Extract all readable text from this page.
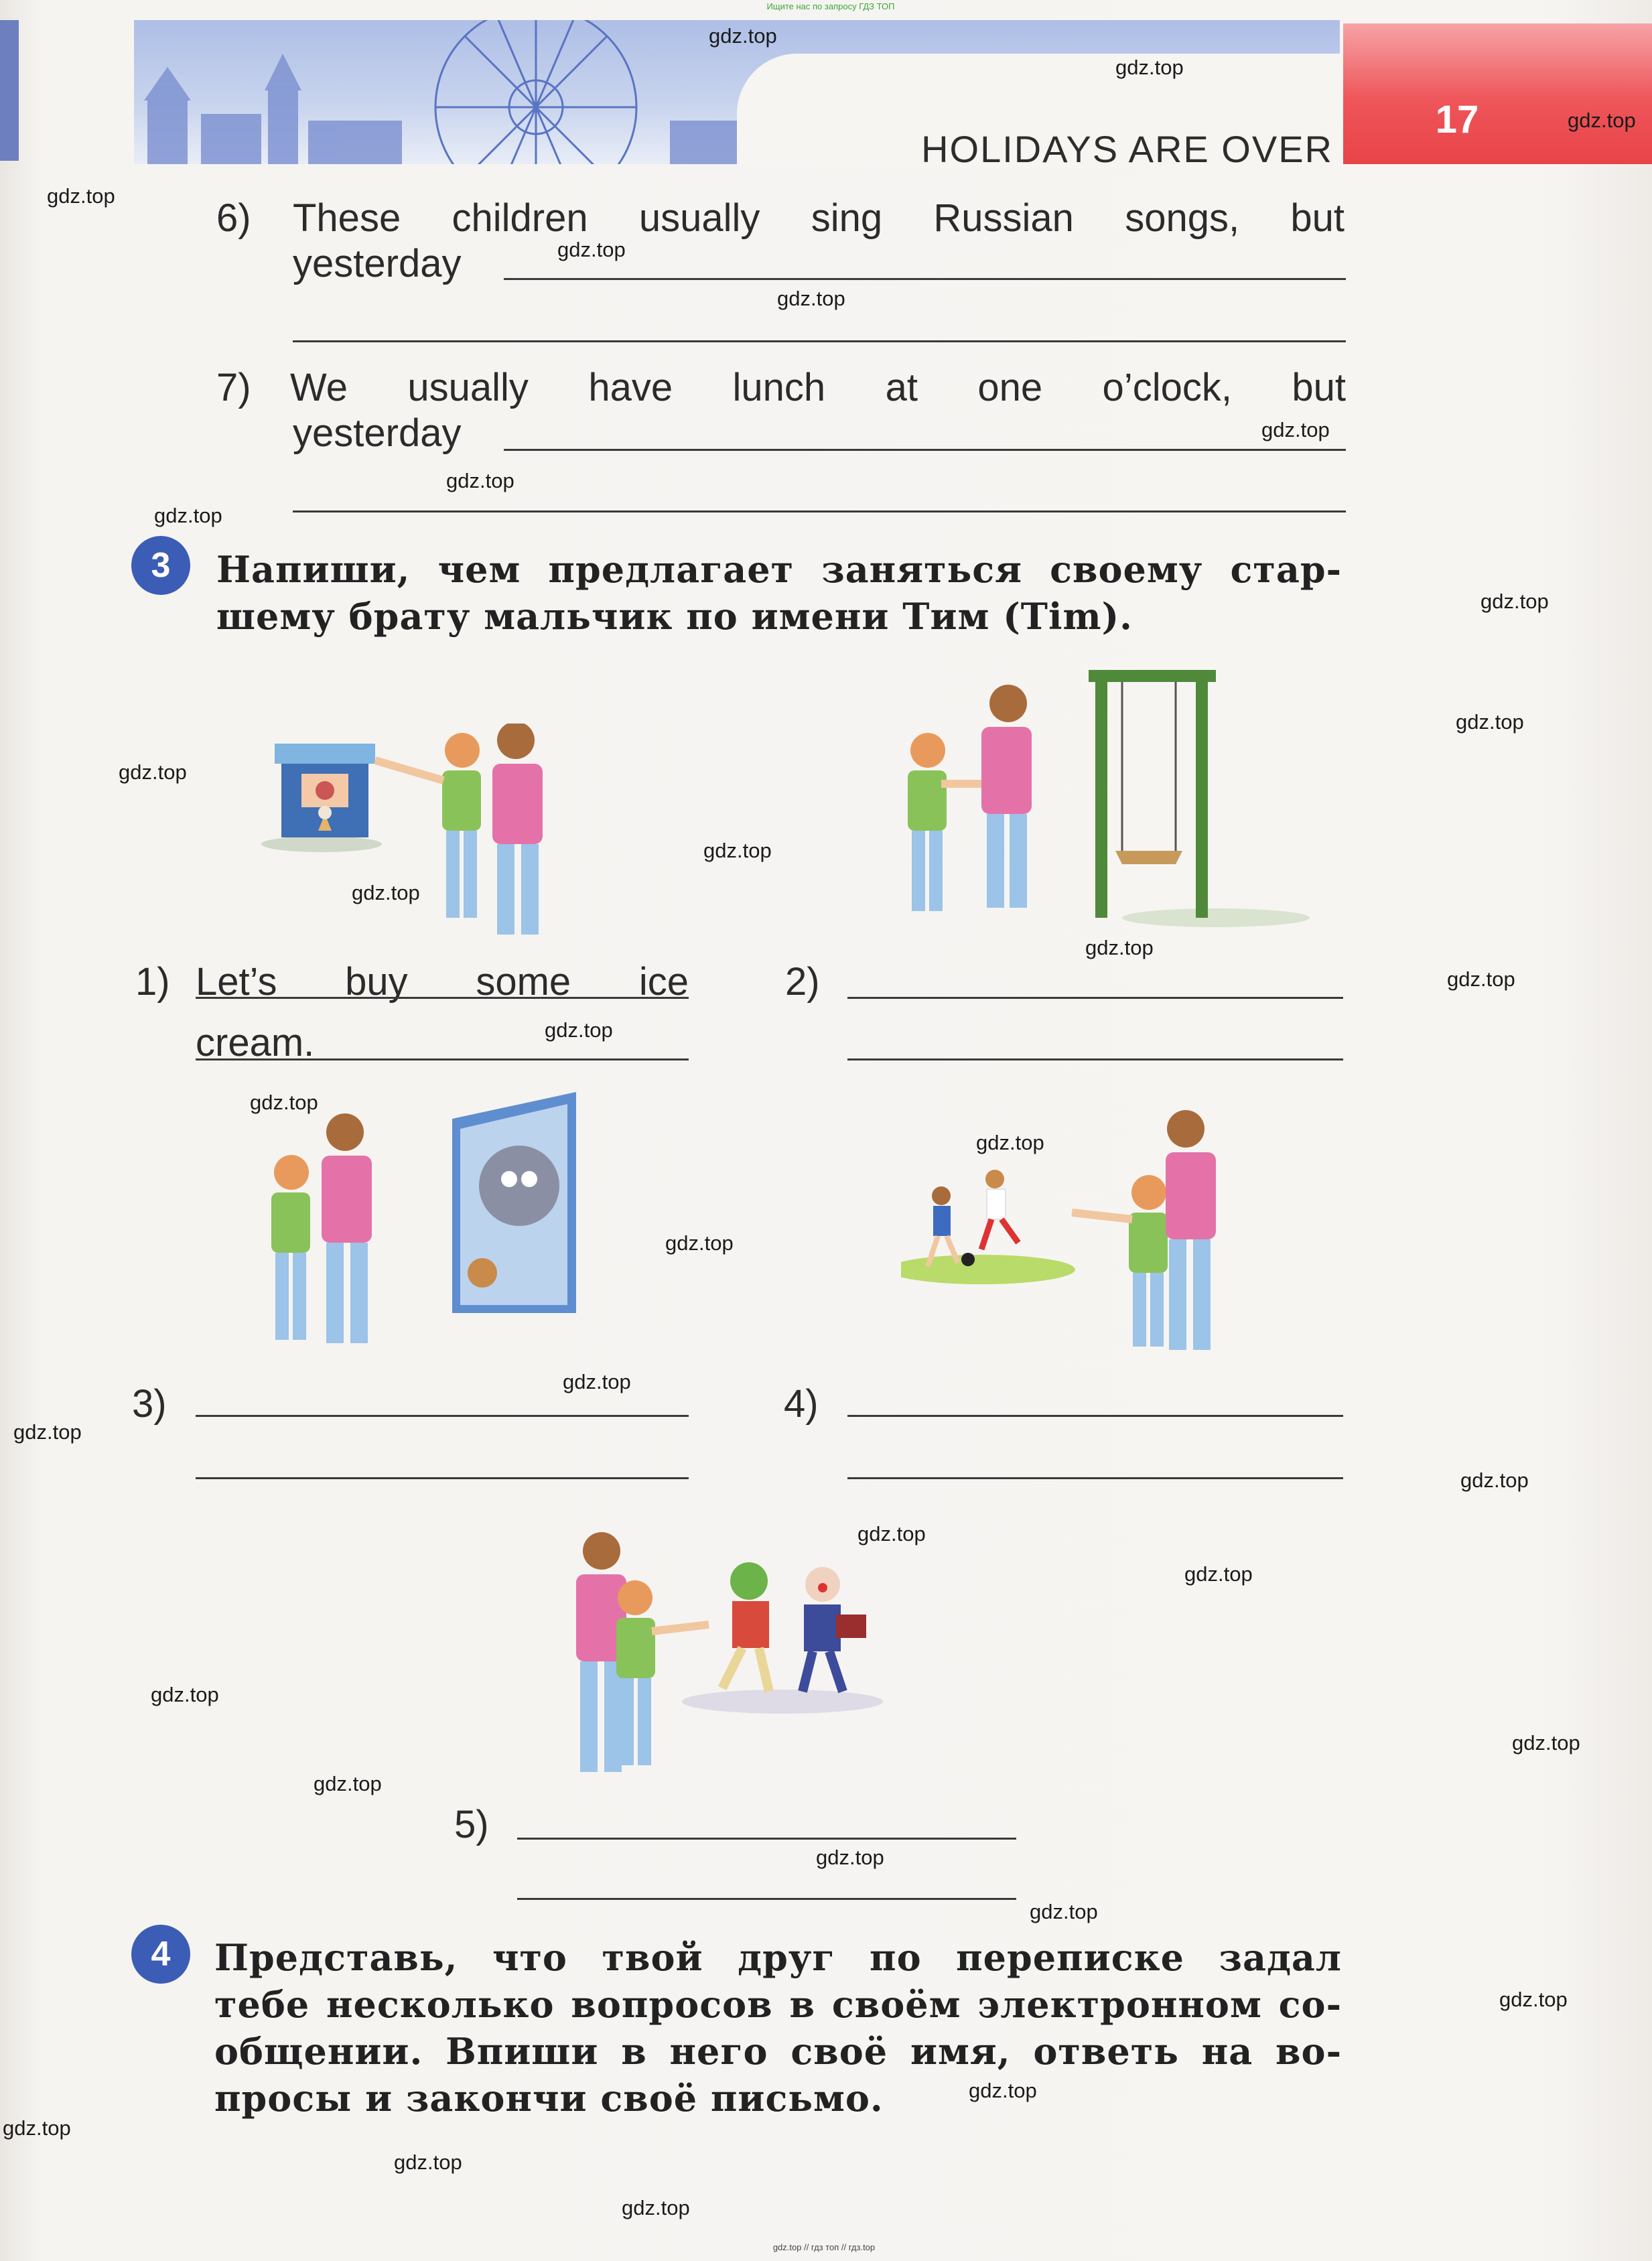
17
HOLIDAYS ARE OVER
Ищите нас по запросу ГДЗ ТОП
6) These children usually sing Russian songs, but
yesterday
7) We usually have lunch at one o’clock, but
yesterday
3	Напиши, чем предлагает заняться своему стар-
шему брату мальчик по имени Тим (Tim).
1) Let’s buy some ice
cream.
2)
3)	4)
5)
4	Представь, что твой друг по переписке задал
тебе несколько вопросов в своём электронном со-
общении. Впиши в него своё имя, ответь на во-
просы и закончи своё письмо.
gdz.top // гдз топ // гдз.top
gdz.top
gdz.top
gdz.top
gdz.top
gdz.top
gdz.top
gdz.top
gdz.top
gdz.top
gdz.top
gdz.top
gdz.top
gdz.top
gdz.top
gdz.top
gdz.top
gdz.top
gdz.top
gdz.top
gdz.top
gdz.top
gdz.top
gdz.top
gdz.top
gdz.top
gdz.top
gdz.top
gdz.top
gdz.top
gdz.top
gdz.top
gdz.top
gdz.top
gdz.top
gdz.top
